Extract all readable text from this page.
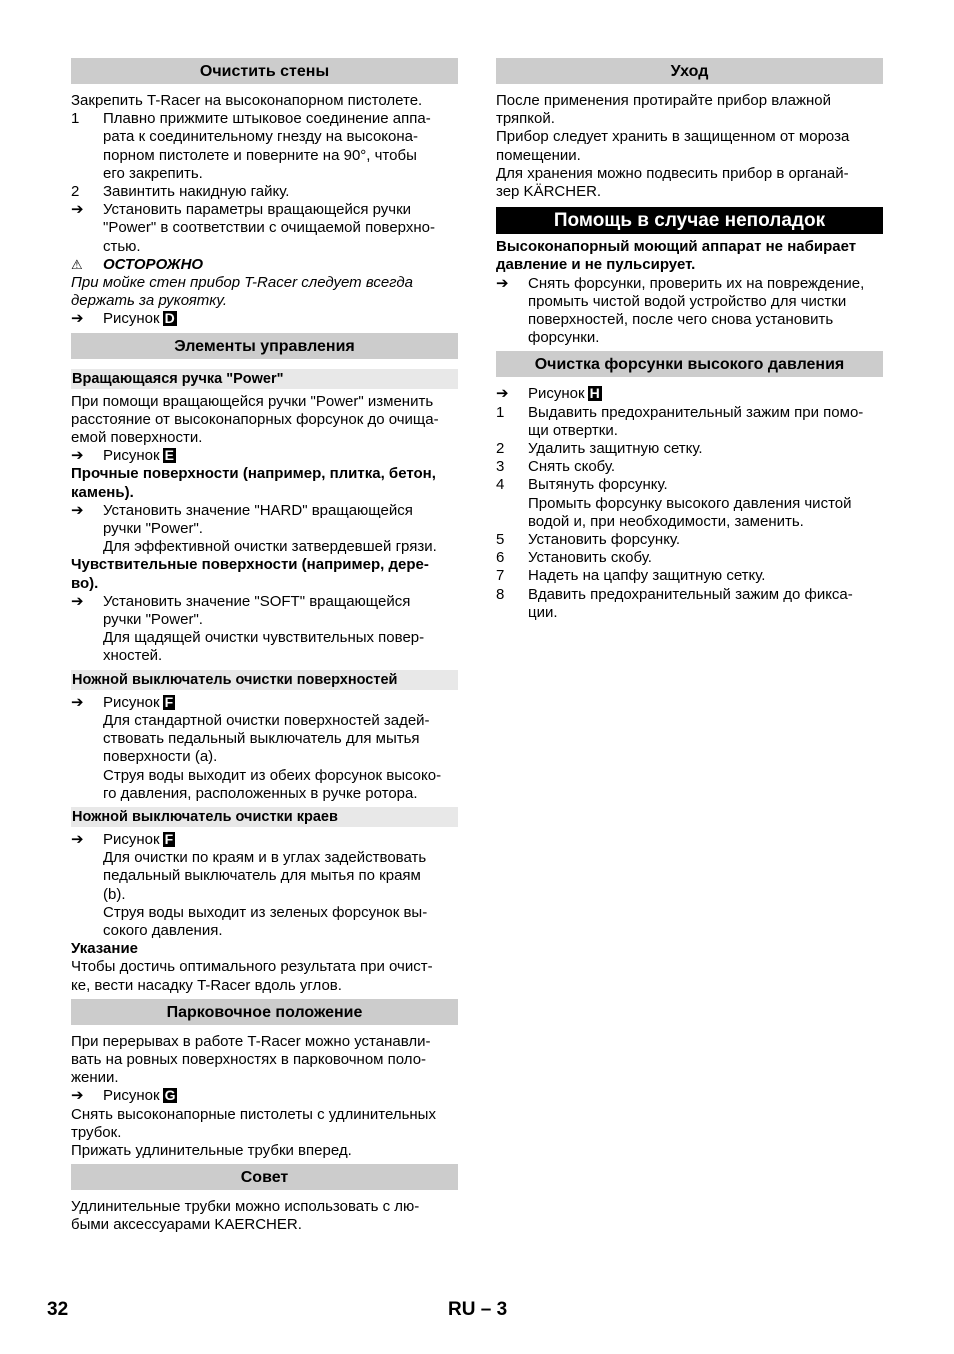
Очистить стены
Закрепить T-Racer на высоконапорном пистолете.
1	Плавно прижмите штыковое соединение аппа-
рата к соединительному гнезду на высокона-
порном пистолете и поверните на 90°, чтобы
его закрепить.
2	Завинтить накидную гайку.
➔	Установить параметры вращающейся ручки
"Power" в соответствии с очищаемой поверхно-
стью.
⚠	ОСТОРОЖНО
При мойке стен прибор T-Racer следует всегда
держать за рукоятку.
➔	Рисунок D
Элементы управления
Вращающаяся ручка "Power"
При помощи вращающейся ручки "Power" изменить
расстояние от высоконапорных форсунок до очища-
емой поверхности.
➔	Рисунок E
Прочные поверхности (например, плитка, бетон,
камень).
➔	Установить значение "HARD" вращающейся
ручки "Power".
Для эффективной очистки затвердевшей грязи.
Чувствительные поверхности (например, дере-
во).
➔	Установить значение "SOFT" вращающейся
ручки "Power".
Для щадящей очистки чувствительных повер-
хностей.
Ножной выключатель очистки поверхностей
➔	Рисунок F
Для стандартной очистки поверхностей задей-
ствовать педальный выключатель для мытья
поверхности (a).
Струя воды выходит из обеих форсунок высоко-
го давления, расположенных в ручке ротора.
Ножной выключатель очистки краев
➔	Рисунок F
Для очистки по краям и в углах задействовать
педальный выключатель для мытья по краям
(b).
Струя воды выходит из зеленых форсунок вы-
сокого давления.
Указание
Чтобы достичь оптимального результата при очист-
ке, вести насадку T-Racer вдоль углов.
Парковочное положение
При перерывах в работе T-Racer можно устанавли-
вать на ровных поверхностях в парковочном поло-
жении.
➔	Рисунок G
Снять высоконапорные пистолеты с удлинительных
трубок.
Прижать удлинительные трубки вперед.
Совет
Удлинительные трубки можно использовать с лю-
быми аксессуарами KAERCHER.
Уход
После применения протирайте прибор влажной
тряпкой.
Прибор следует хранить в защищенном от мороза
помещении.
Для хранения можно подвесить прибор в органай-
зер KÄRCHER.
Помощь в случае неполадок
Высоконапорный моющий аппарат не набирает
давление и не пульсирует.
➔	Снять форсунки, проверить их на повреждение,
промыть чистой водой устройство для чистки
поверхностей, после чего снова установить
форсунки.
Очистка форсунки высокого давления
➔	Рисунок H
1	Выдавить предохранительный зажим при помо-
щи отвертки.
2	Удалить защитную сетку.
3	Снять скобу.
4	Вытянуть форсунку.
Промыть форсунку высокого давления чистой
водой и, при необходимости, заменить.
5	Установить форсунку.
6	Установить скобу.
7	Надеть на цапфу защитную сетку.
8	Вдавить предохранительный зажим до фикса-
ции.
32	RU – 3
